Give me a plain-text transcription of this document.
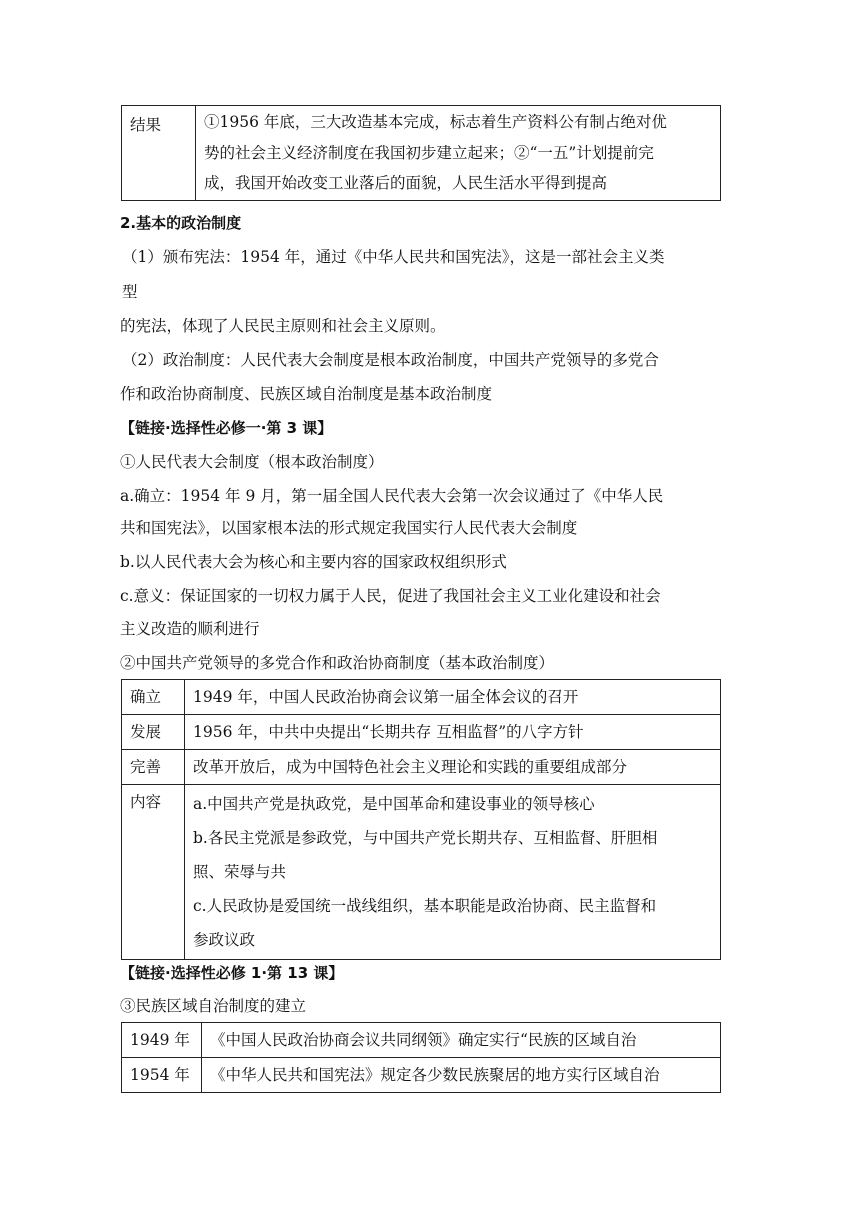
结果	①1956 年底，三大改造基本完成，标志着生产资料公有制占绝对优
势的社会主义经济制度在我国初步建立起来；②“一五”计划提前完
成，我国开始改变工业落后的面貌，人民生活水平得到提高
2.基本的政治制度
（1）颁布宪法：1954 年，通过《中华人民共和国宪法》，这是一部社会主义类
型
的宪法，体现了人民民主原则和社会主义原则。
（2）政治制度：人民代表大会制度是根本政治制度，中国共产党领导的多党合
作和政治协商制度、民族区域自治制度是基本政治制度
【链接·选择性必修一·第 3 课】
①人民代表大会制度（根本政治制度）
a.确立：1954 年 9 月，第一届全国人民代表大会第一次会议通过了《中华人民
共和国宪法》，以国家根本法的形式规定我国实行人民代表大会制度
b.以人民代表大会为核心和主要内容的国家政权组织形式
c.意义：保证国家的一切权力属于人民，促进了我国社会主义工业化建设和社会
主义改造的顺利进行
②中国共产党领导的多党合作和政治协商制度（基本政治制度）
确立	1949 年，中国人民政治协商会议第一届全体会议的召开
发展	1956 年，中共中央提出“长期共存 互相监督”的八字方针
完善	改革开放后，成为中国特色社会主义理论和实践的重要组成部分
内容	a.中国共产党是执政党，是中国革命和建设事业的领导核心
b.各民主党派是参政党，与中国共产党长期共存、互相监督、肝胆相
照、荣辱与共
c.人民政协是爱国统一战线组织，基本职能是政治协商、民主监督和
参政议政
【链接·选择性必修 1·第 13 课】
③民族区域自治制度的建立
1949 年	《中国人民政治协商会议共同纲领》确定实行“民族的区域自治
1954 年	《中华人民共和国宪法》规定各少数民族聚居的地方实行区域自治
